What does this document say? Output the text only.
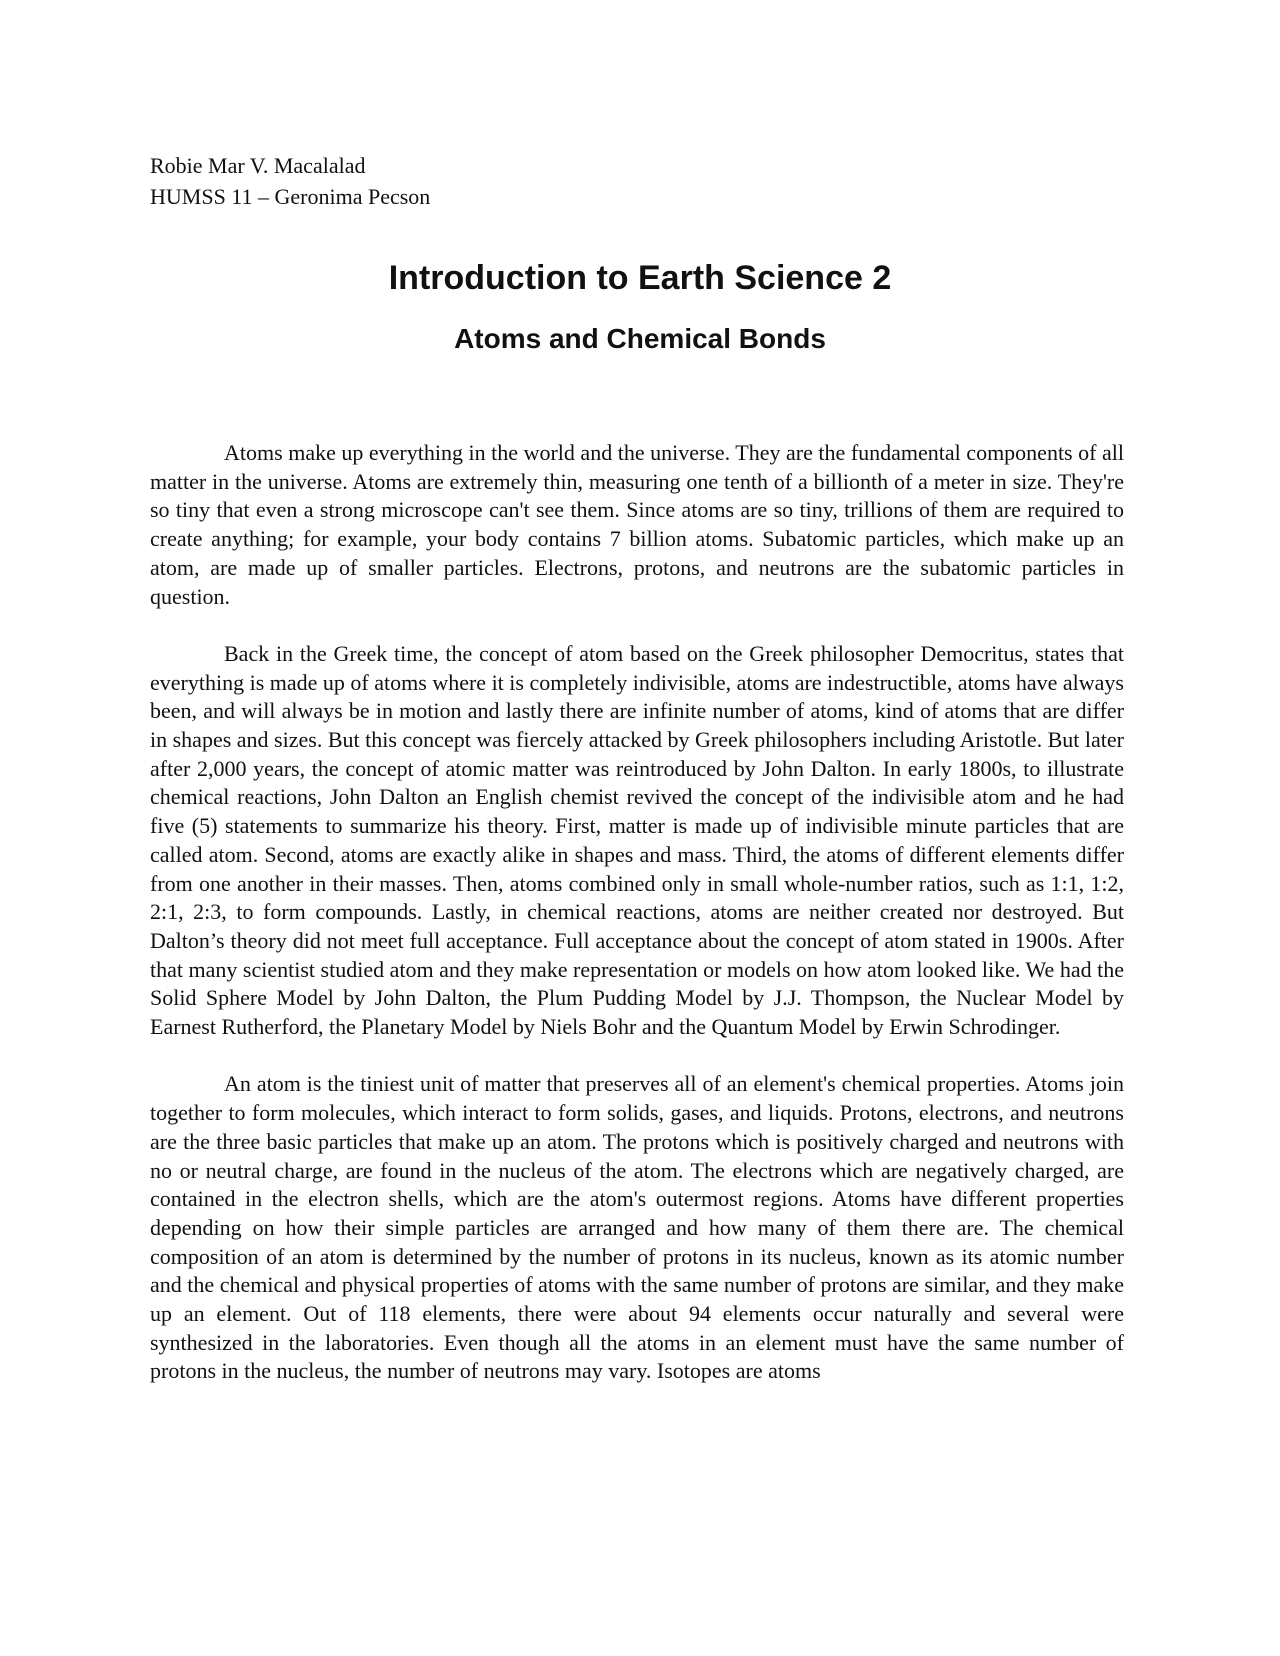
Robie Mar V. Macalalad
HUMSS 11 – Geronima Pecson
Introduction to Earth Science 2
Atoms and Chemical Bonds

Atoms make up everything in the world and the universe. They are the fundamental components of all matter in the universe. Atoms are extremely thin, measuring one tenth of a billionth of a meter in size. They're so tiny that even a strong microscope can't see them. Since atoms are so tiny, trillions of them are required to create anything; for example, your body contains 7 billion atoms. Subatomic particles, which make up an atom, are made up of smaller particles. Electrons, protons, and neutrons are the subatomic particles in question.

Back in the Greek time, the concept of atom based on the Greek philosopher Democritus, states that everything is made up of atoms where it is completely indivisible, atoms are indestructible, atoms have always been, and will always be in motion and lastly there are infinite number of atoms, kind of atoms that are differ in shapes and sizes. But this concept was fiercely attacked by Greek philosophers including Aristotle. But later after 2,000 years, the concept of atomic matter was reintroduced by John Dalton. In early 1800s, to illustrate chemical reactions, John Dalton an English chemist revived the concept of the indivisible atom and he had five (5) statements to summarize his theory. First, matter is made up of indivisible minute particles that are called atom. Second, atoms are exactly alike in shapes and mass. Third, the atoms of different elements differ from one another in their masses. Then, atoms combined only in small whole-number ratios, such as 1:1, 1:2, 2:1, 2:3, to form compounds. Lastly, in chemical reactions, atoms are neither created nor destroyed. But Dalton’s theory did not meet full acceptance. Full acceptance about the concept of atom stated in 1900s. After that many scientist studied atom and they make representation or models on how atom looked like. We had the Solid Sphere Model by John Dalton, the Plum Pudding Model by J.J. Thompson, the Nuclear Model by Earnest Rutherford, the Planetary Model by Niels Bohr and the Quantum Model by Erwin Schrodinger.

An atom is the tiniest unit of matter that preserves all of an element's chemical properties. Atoms join together to form molecules, which interact to form solids, gases, and liquids. Protons, electrons, and neutrons are the three basic particles that make up an atom. The protons which is positively charged and neutrons with no or neutral charge, are found in the nucleus of the atom. The electrons which are negatively charged, are contained in the electron shells, which are the atom's outermost regions. Atoms have different properties depending on how their simple particles are arranged and how many of them there are. The chemical composition of an atom is determined by the number of protons in its nucleus, known as its atomic number and the chemical and physical properties of atoms with the same number of protons are similar, and they make up an element. Out of 118 elements, there were about 94 elements occur naturally and several were synthesized in the laboratories. Even though all the atoms in an element must have the same number of protons in the nucleus, the number of neutrons may vary. Isotopes are atoms
